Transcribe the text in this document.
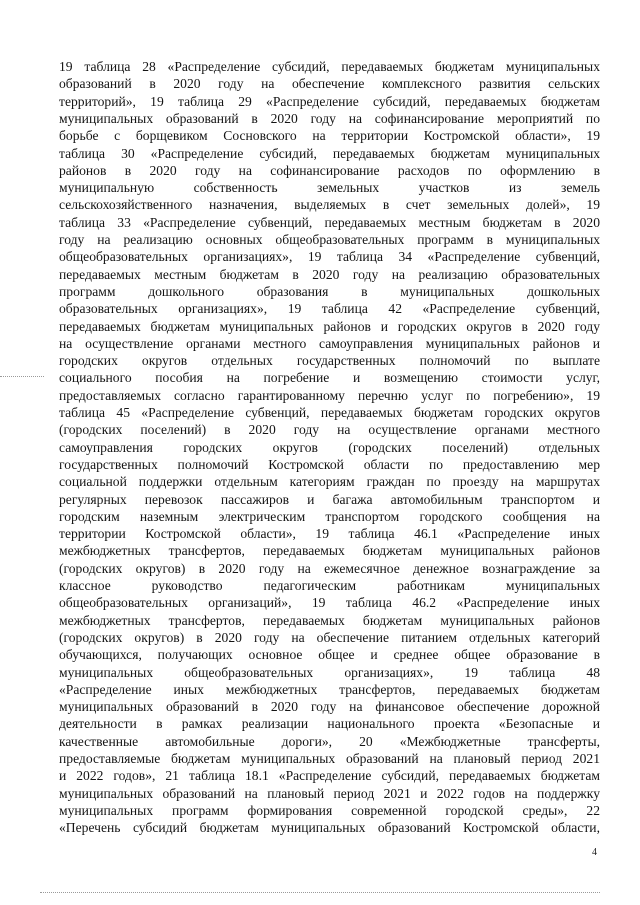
19 таблица 28 «Распределение субсидий, передаваемых бюджетам муниципальных
образований в 2020 году на обеспечение комплексного развития сельских
территорий», 19 таблица 29 «Распределение субсидий, передаваемых бюджетам
муниципальных образований в 2020 году на софинансирование мероприятий по
борьбе с борщевиком Сосновского на территории Костромской области», 19
таблица 30 «Распределение субсидий, передаваемых бюджетам муниципальных
районов в 2020 году на софинансирование расходов по оформлению в
муниципальную собственность земельных участков из земель
сельскохозяйственного назначения, выделяемых в счет земельных долей», 19
таблица 33 «Распределение субвенций, передаваемых местным бюджетам в 2020
году на реализацию основных общеобразовательных программ в муниципальных
общеобразовательных организациях», 19 таблица 34 «Распределение субвенций,
передаваемых местным бюджетам в 2020 году на реализацию образовательных
программ дошкольного образования в муниципальных дошкольных
образовательных организациях», 19 таблица 42 «Распределение субвенций,
передаваемых бюджетам муниципальных районов и городских округов в 2020 году
на осуществление органами местного самоуправления муниципальных районов и
городских округов отдельных государственных полномочий по выплате
социального пособия на погребение и возмещению стоимости услуг,
предоставляемых согласно гарантированному перечню услуг по погребению», 19
таблица 45 «Распределение субвенций, передаваемых бюджетам городских округов
(городских поселений) в 2020 году на осуществление органами местного
самоуправления городских округов (городских поселений) отдельных
государственных полномочий Костромской области по предоставлению мер
социальной поддержки отдельным категориям граждан по проезду на маршрутах
регулярных перевозок пассажиров и багажа автомобильным транспортом и
городским наземным электрическим транспортом городского сообщения на
территории Костромской области», 19 таблица 46.1 «Распределение иных
межбюджетных трансфертов, передаваемых бюджетам муниципальных районов
(городских округов) в 2020 году на ежемесячное денежное вознаграждение за
классное руководство педагогическим работникам муниципальных
общеобразовательных организаций», 19 таблица 46.2 «Распределение иных
межбюджетных трансфертов, передаваемых бюджетам муниципальных районов
(городских округов) в 2020 году на обеспечение питанием отдельных категорий
обучающихся, получающих основное общее и среднее общее образование в
муниципальных общеобразовательных организациях», 19 таблица 48
«Распределение иных межбюджетных трансфертов, передаваемых бюджетам
муниципальных образований в 2020 году на финансовое обеспечение дорожной
деятельности в рамках реализации национального проекта «Безопасные и
качественные автомобильные дороги», 20 «Межбюджетные трансферты,
предоставляемые бюджетам муниципальных образований на плановый период 2021
и 2022 годов», 21 таблица 18.1 «Распределение субсидий, передаваемых бюджетам
муниципальных образований на плановый период 2021 и 2022 годов на поддержку
муниципальных программ формирования современной городской среды», 22
«Перечень субсидий бюджетам муниципальных образований Костромской области,
4
